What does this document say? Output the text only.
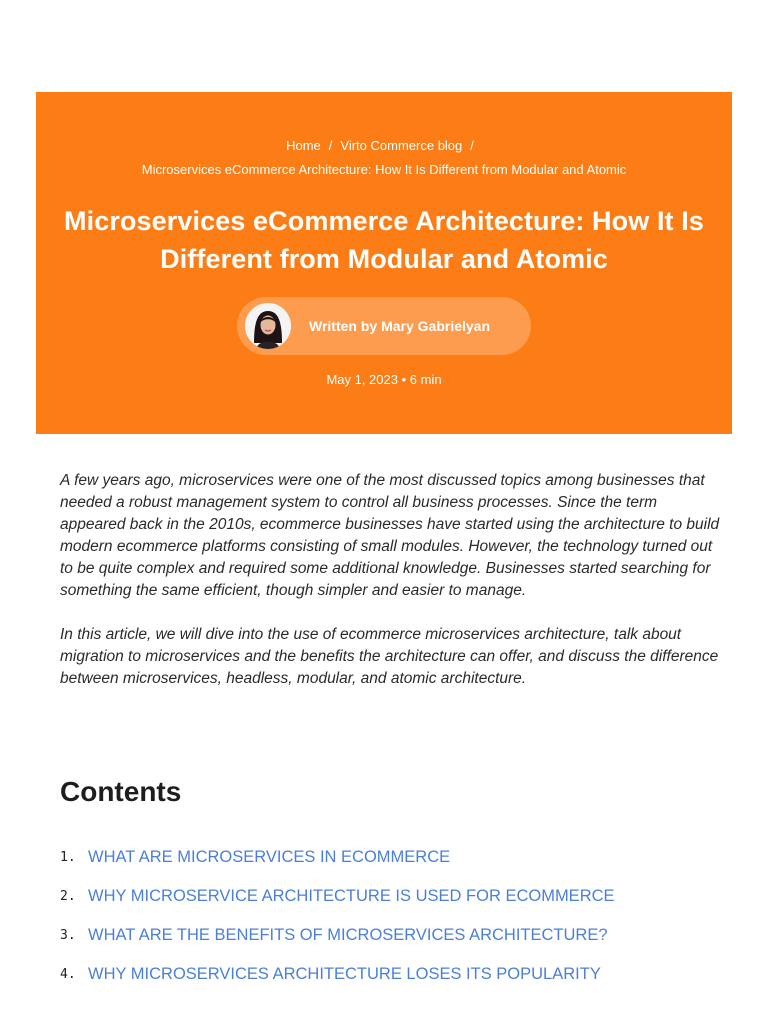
Home / Virto Commerce blog /
Microservices eCommerce Architecture: How It Is Different from Modular and Atomic
Microservices eCommerce Architecture: How It Is Different from Modular and Atomic
Written by Mary Gabrielyan
May 1, 2023 • 6 min

A few years ago, microservices were one of the most discussed topics among businesses that needed a robust management system to control all business processes. Since the term appeared back in the 2010s, ecommerce businesses have started using the architecture to build modern ecommerce platforms consisting of small modules. However, the technology turned out to be quite complex and required some additional knowledge. Businesses started searching for something the same efficient, though simpler and easier to manage.

In this article, we will dive into the use of ecommerce microservices architecture, talk about migration to microservices and the benefits the architecture can offer, and discuss the difference between microservices, headless, modular, and atomic architecture.

Contents
1. WHAT ARE MICROSERVICES IN ECOMMERCE
2. WHY MICROSERVICE ARCHITECTURE IS USED FOR ECOMMERCE
3. WHAT ARE THE BENEFITS OF MICROSERVICES ARCHITECTURE?
4. WHY MICROSERVICES ARCHITECTURE LOSES ITS POPULARITY
